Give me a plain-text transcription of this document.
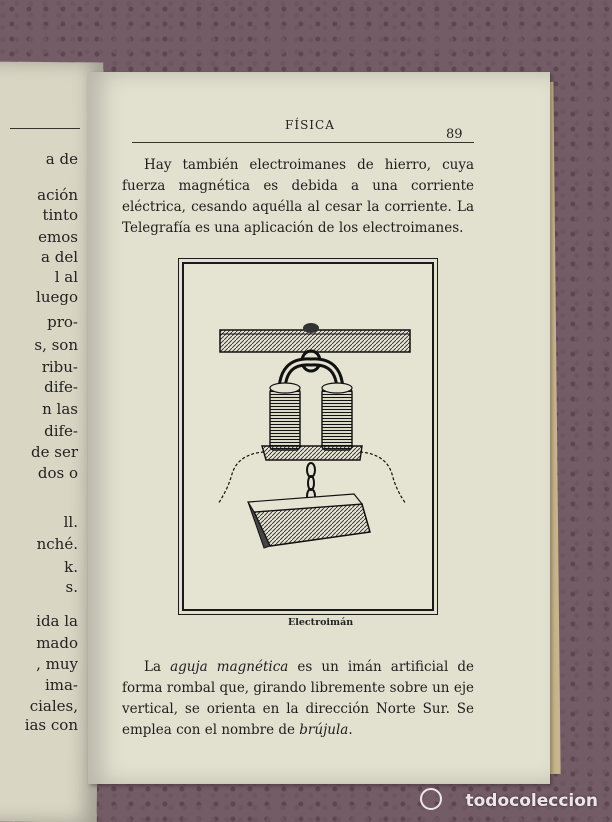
a de
ación
tinto
emos
a del
l al
luego
pro-
s, son
ribu-
dife-
n las
dife-
de ser
dos o
ll.
nché.
k.
s.
ida la
mado
, muy
ima-
ciales,
ias con
FÍSICA
89

Hay también electroimanes de hierro, cuya fuerza magnética es debida a una corriente eléctrica, cesando aquélla al cesar la corriente. La Telegrafía es una aplicación de los electroimanes.

Electroimán

La aguja magnética es un imán artificial de forma rombal que, girando libremente sobre un eje vertical, se orienta en la dirección Norte Sur. Se emplea con el nombre de brújula.

todocoleccion
